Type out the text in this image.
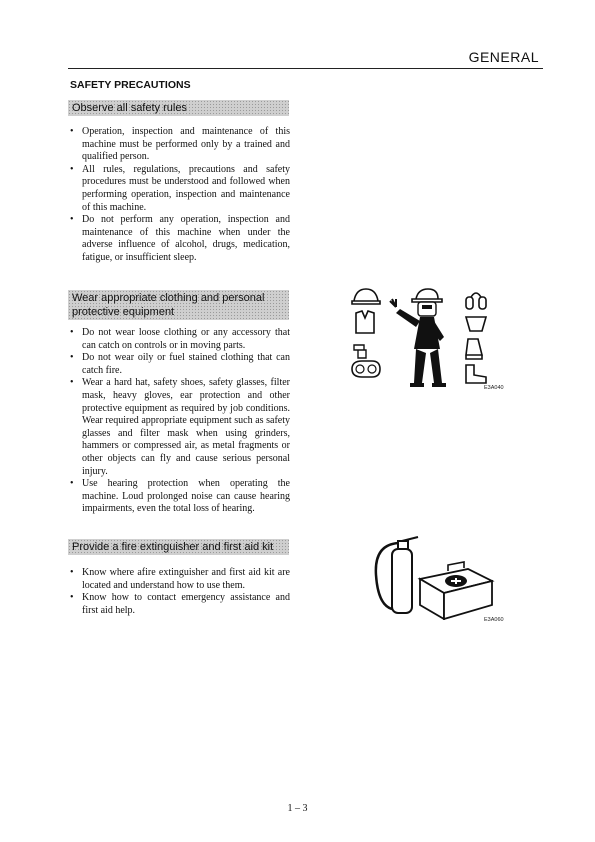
GENERAL
SAFETY PRECAUTIONS
Observe all safety rules
• Operation, inspection and maintenance of this machine must be performed only by a trained and qualified person.
• All rules, regulations, precautions and safety procedures must be understood and followed when performing operation, inspection and maintenance of this machine.
• Do not perform any operation, inspection and maintenance of this machine when under the adverse influence of alcohol, drugs, medication, fatigue, or insufficient sleep.
Wear appropriate clothing and personal protective equipment
• Do not wear loose clothing or any accessory that can catch on controls or in moving parts.
• Do not wear oily or fuel stained clothing that can catch fire.
• Wear a hard hat, safety shoes, safety glasses, filter mask, heavy gloves, ear protection and other protective equipment as required by job conditions. Wear required appropriate equipment such as safety glasses and filter mask when using grinders, hammers or compressed air, as metal fragments or other objects can fly and cause serious personal injury.
• Use hearing protection when operating the machine. Loud prolonged noise can cause hearing impairments, even the total loss of hearing.
E3A040
Provide a fire extinguisher and first aid kit
• Know where afire extinguisher and first aid kit are located and understand how to use them.
• Know how to contact emergency assistance and first aid help.
E3A060
1 – 3
